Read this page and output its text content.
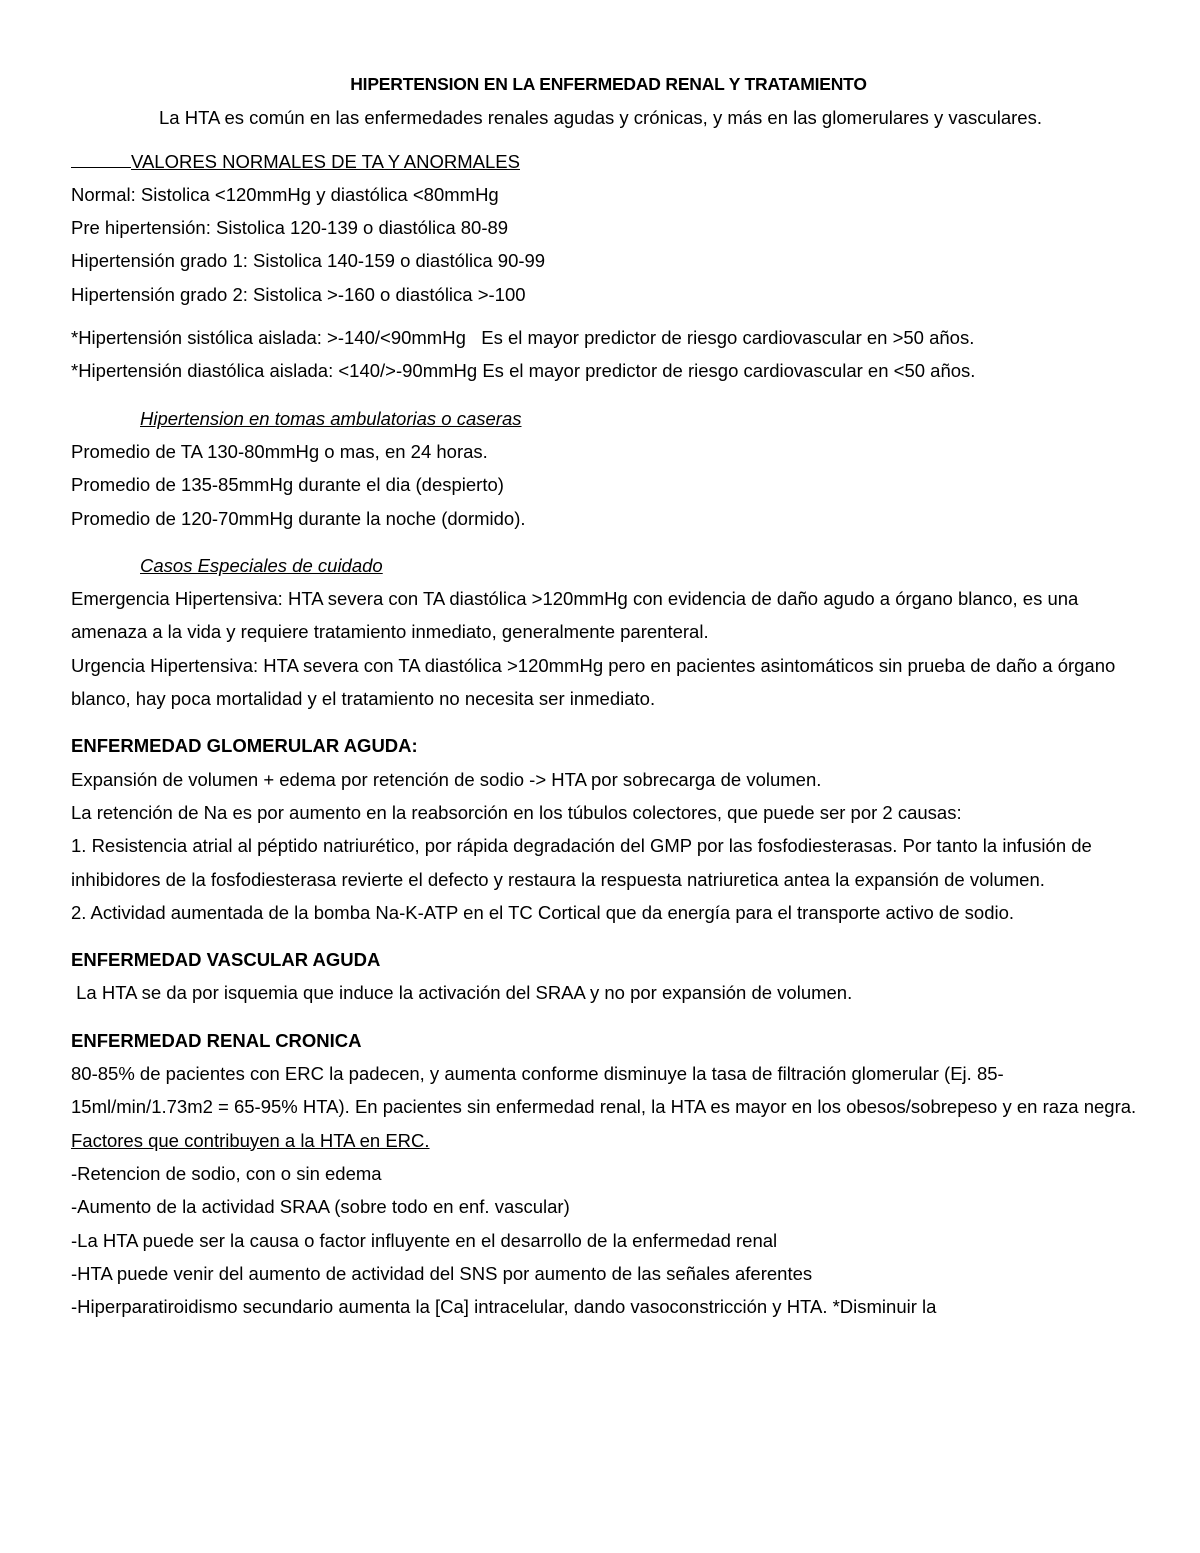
HIPERTENSION EN LA ENFERMEDAD RENAL Y TRATAMIENTO
La HTA es común en las enfermedades renales agudas y crónicas, y más en las glomerulares y vasculares.
VALORES NORMALES DE TA Y ANORMALES
Normal: Sistolica <120mmHg y diastólica <80mmHg
Pre hipertensión: Sistolica 120-139 o diastólica 80-89
Hipertensión grado 1: Sistolica 140-159 o diastólica 90-99
Hipertensión grado 2: Sistolica >-160 o diastólica >-100
*Hipertensión sistólica aislada: >-140/<90mmHg   Es el mayor predictor de riesgo cardiovascular en >50 años.
*Hipertensión diastólica aislada: <140/>-90mmHg Es el mayor predictor de riesgo cardiovascular en <50 años.
Hipertension en tomas ambulatorias o caseras
Promedio de TA 130-80mmHg o mas, en 24 horas.
Promedio de 135-85mmHg durante el dia (despierto)
Promedio de 120-70mmHg durante la noche (dormido).
Casos Especiales de cuidado

Emergencia Hipertensiva: HTA severa con TA diastólica >120mmHg con evidencia de daño agudo a órgano blanco, es una amenaza a la vida y requiere tratamiento inmediato, generalmente parenteral.

Urgencia Hipertensiva: HTA severa con TA diastólica >120mmHg pero en pacientes asintomáticos sin prueba de daño a órgano blanco, hay poca mortalidad y el tratamiento no necesita ser inmediato.

ENFERMEDAD GLOMERULAR AGUDA:

Expansión de volumen + edema por retención de sodio -> HTA por sobrecarga de volumen.

La retención de Na es por aumento en la reabsorción en los túbulos colectores, que puede ser por 2 causas:

1. Resistencia atrial al péptido natriurético, por rápida degradación del GMP por las fosfodiesterasas. Por tanto la infusión de inhibidores de la fosfodiesterasa revierte el defecto y restaura la respuesta natriuretica antea la expansión de volumen.

2. Actividad aumentada de la bomba Na-K-ATP en el TC Cortical que da energía para el transporte activo de sodio.

ENFERMEDAD VASCULAR AGUDA
La HTA se da por isquemia que induce la activación del SRAA y no por expansión de volumen.
ENFERMEDAD RENAL CRONICA

80-85% de pacientes con ERC la padecen, y aumenta conforme disminuye la tasa de filtración glomerular (Ej. 85-15ml/min/1.73m2 = 65-95% HTA). En pacientes sin enfermedad renal, la HTA es mayor en los obesos/sobrepeso y en raza negra.

Factores que contribuyen a la HTA en ERC.
-Retencion de sodio, con o sin edema
-Aumento de la actividad SRAA (sobre todo en enf. vascular)
-La HTA puede ser la causa o factor influyente en el desarrollo de la enfermedad renal
-HTA puede venir del aumento de actividad del SNS por aumento de las señales aferentes
-Hiperparatiroidismo secundario aumenta la [Ca] intracelular, dando vasoconstricción y HTA. *Disminuir la
